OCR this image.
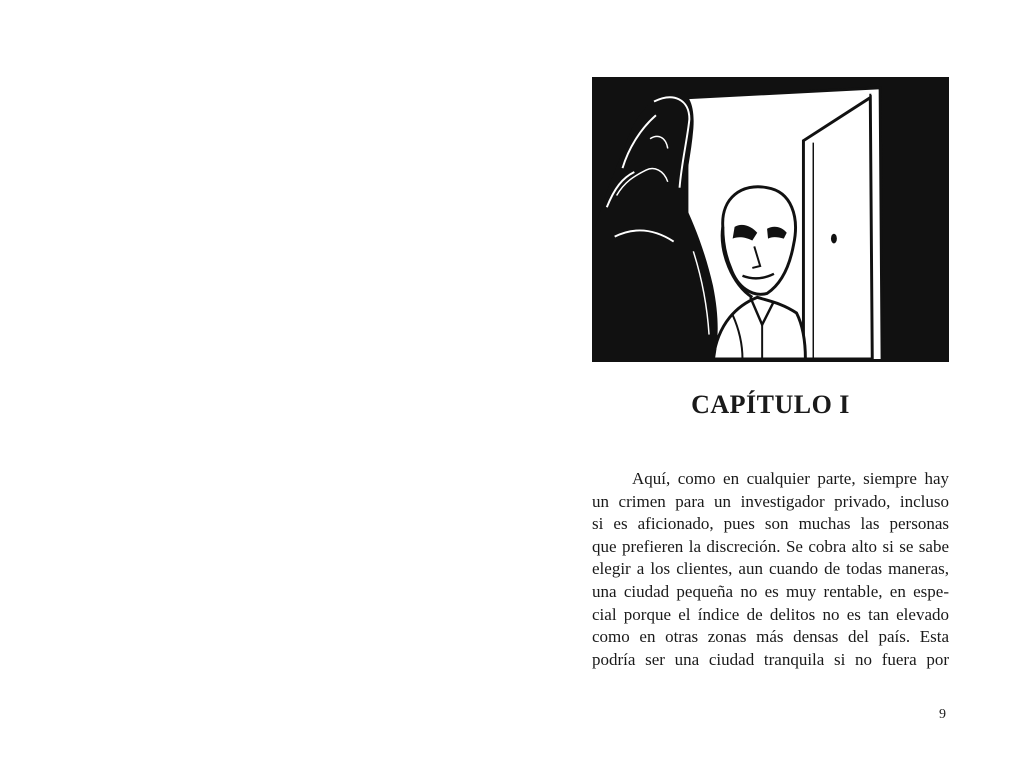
CAPÍTULO I

Aquí, como en cualquier parte, siempre hay
un crimen para un investigador privado, incluso
si es aficionado, pues son muchas las personas
que prefieren la discreción. Se cobra alto si se sabe
elegir a los clientes, aun cuando de todas maneras,
una ciudad pequeña no es muy rentable, en espe-
cial porque el índice de delitos no es tan elevado
como en otras zonas más densas del país. Esta
podría ser una ciudad tranquila si no fuera por

9
